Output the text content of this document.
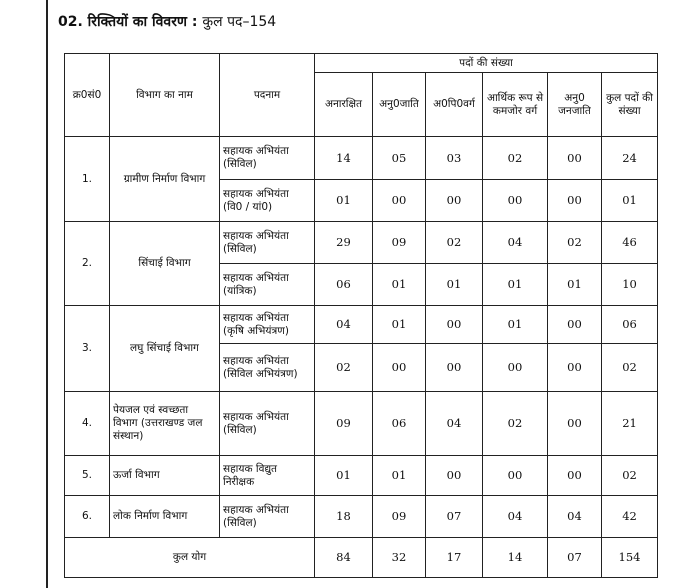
02. रिक्तियों का विवरण : कुल पद–154
क्र0सं0	विभाग का नाम	पदनाम	पदों की संख्या					
			अनारक्षित	अनु0जाति	अ0पि0वर्ग	आर्थिक रूप से कमजोर वर्ग	अनु0 जनजाति	कुल पदों की संख्या
1.	ग्रामीण निर्माण विभाग	सहायक अभियंता (सिविल)	14	05	03	02	00	24
		सहायक अभियंता (वि0 / यां0)	01	00	00	00	00	01
2.	सिंचाई विभाग	सहायक अभियंता (सिविल)	29	09	02	04	02	46
		सहायक अभियंता (यांत्रिक)	06	01	01	01	01	10
3.	लघु सिंचाई विभाग	सहायक अभियंता (कृषि अभियंत्रण)	04	01	00	01	00	06
		सहायक अभियंता (सिविल अभियंत्रण)	02	00	00	00	00	02
4.	पेयजल एवं स्वच्छता विभाग (उत्तराखण्ड जल संस्थान)	सहायक अभियंता (सिविल)	09	06	04	02	00	21
5.	ऊर्जा विभाग	सहायक विद्युत निरीक्षक	01	01	00	00	00	02
6.	लोक निर्माण विभाग	सहायक अभियंता (सिविल)	18	09	07	04	04	42
कुल योग			84	32	17	14	07	154
